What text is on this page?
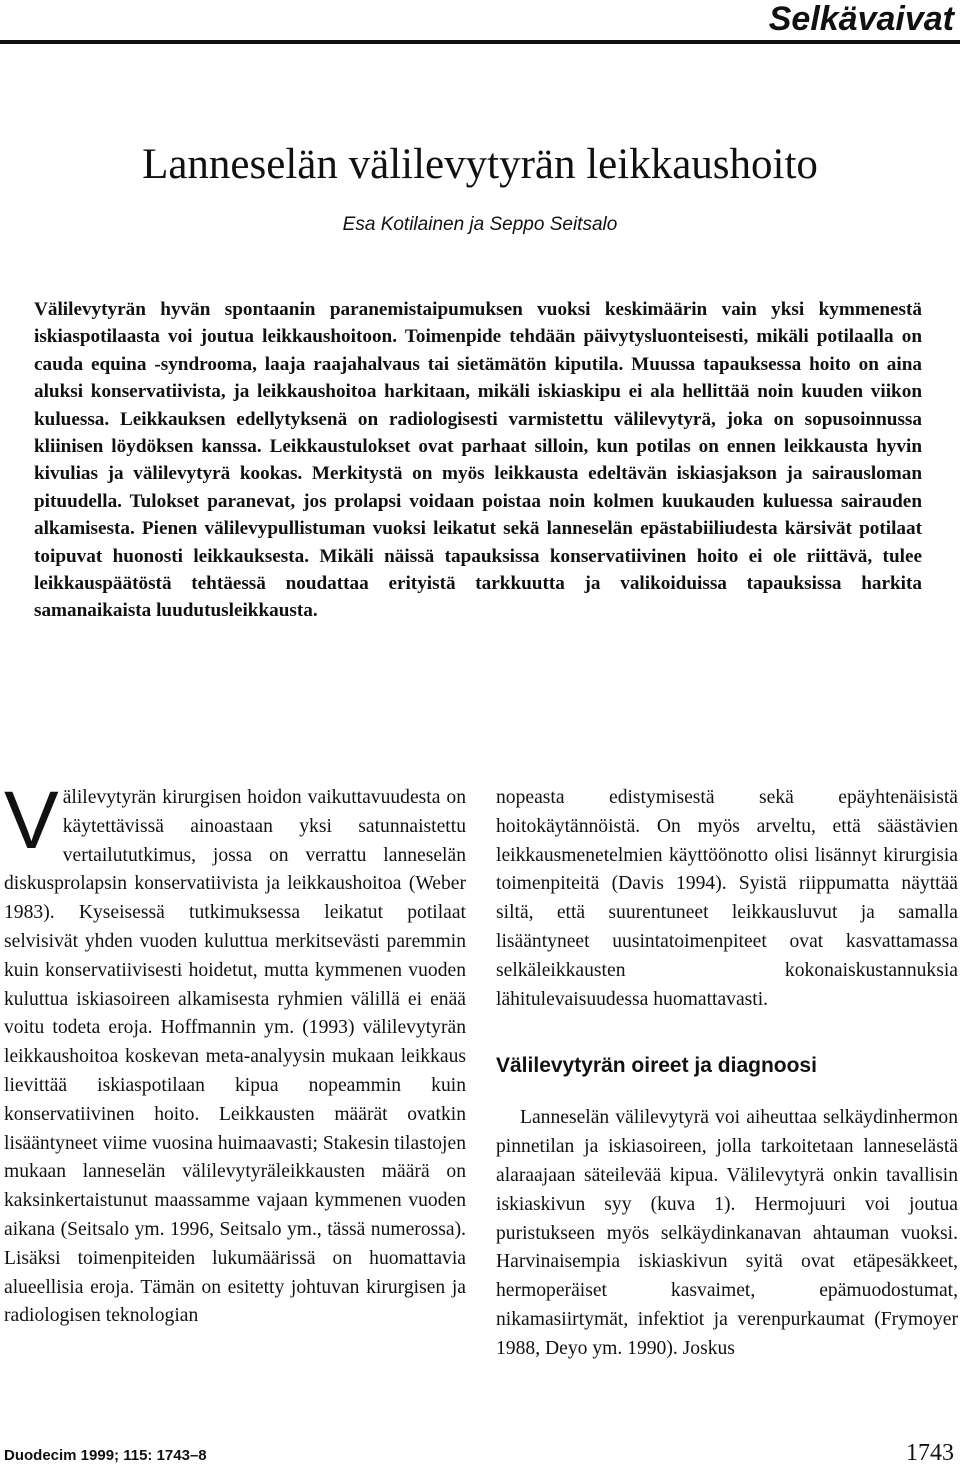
Selkävaivat
Lanneselän välilevytyrän leikkaushoito
Esa Kotilainen ja Seppo Seitsalo

Välilevytyrän hyvän spontaanin paranemistaipumuksen vuoksi keskimäärin vain yksi kymmenestä iskiaspotilaasta voi joutua leikkaushoitoon. Toimenpide tehdään päivytysluonteisesti, mikäli potilaalla on cauda equina -syndrooma, laaja raajahalvaus tai sietämätön kiputila. Muussa tapauksessa hoito on aina aluksi konservatiivista, ja leikkaushoitoa harkitaan, mikäli iskiaskipu ei ala hellittää noin kuuden viikon kuluessa. Leikkauksen edellytyksenä on radiologisesti varmistettu välilevytyrä, joka on sopusoinnussa kliinisen löydöksen kanssa. Leikkaustulokset ovat parhaat silloin, kun potilas on ennen leikkausta hyvin kivulias ja välilevytyrä kookas. Merkitystä on myös leikkausta edeltävän iskiasjakson ja sairausloman pituudella. Tulokset paranevat, jos prolapsi voidaan poistaa noin kolmen kuukauden kuluessa sairauden alkamisesta. Pienen välilevypullistuman vuoksi leikatut sekä lanneselän epästabiiliudesta kärsivät potilaat toipuvat huonosti leikkauksesta. Mikäli näissä tapauksissa konservatiivinen hoito ei ole riittävä, tulee leikkauspäätöstä tehtäessä noudattaa erityistä tarkkuutta ja valikoiduissa tapauksissa harkita samanaikaista luudutusleikkausta.

Välilevytyrän kirurgisen hoidon vaikuttavuudesta on käytettävissä ainoastaan yksi satunnaistettu vertailututkimus, jossa on verrattu lanneselän diskusprolapsin konservatiivista ja leikkaushoitoa (Weber 1983). Kyseisessä tutkimuksessa leikatut potilaat selvisivät yhden vuoden kuluttua merkitsevästi paremmin kuin konservatiivisesti hoidetut, mutta kymmenen vuoden kuluttua iskiasoireen alkamisesta ryhmien välillä ei enää voitu todeta eroja. Hoffmannin ym. (1993) välilevytyrän leikkaushoitoa koskevan meta-analyysin mukaan leikkaus lievittää iskiaspotilaan kipua nopeammin kuin konservatiivinen hoito. Leikkausten määrät ovatkin lisääntyneet viime vuosina huimaavasti; Stakesin tilastojen mukaan lanneselän välilevytyräleikkausten määrä on kaksinkertaistunut maassamme vajaan kymmenen vuoden aikana (Seitsalo ym. 1996, Seitsalo ym., tässä numerossa). Lisäksi toimenpiteiden lukumäärissä on huomattavia alueellisia eroja. Tämän on esitetty johtuvan kirurgisen ja radiologisen teknologian

nopeasta edistymisestä sekä epäyhtenäisistä hoitokäytännöistä. On myös arveltu, että säästävien leikkausmenetelmien käyttöönotto olisi lisännyt kirurgisia toimenpiteitä (Davis 1994). Syistä riippumatta näyttää siltä, että suurentuneet leikkausluvut ja samalla lisääntyneet uusintatoimenpiteet ovat kasvattamassa selkäleikkausten kokonaiskustannuksia lähitulevaisuudessa huomattavasti.

Välilevytyrän oireet ja diagnoosi

Lanneselän välilevytyrä voi aiheuttaa selkäydinhermon pinnetilan ja iskiasoireen, jolla tarkoitetaan lanneselästä alaraajaan säteilevää kipua. Välilevytyrä onkin tavallisin iskiaskivun syy (kuva 1). Hermojuuri voi joutua puristukseen myös selkäydinkanavan ahtauman vuoksi. Harvinaisempia iskiaskivun syitä ovat etäpesäkkeet, hermoperäiset kasvaimet, epämuodostumat, nikamasiirtymät, infektiot ja verenpurkaumat (Frymoyer 1988, Deyo ym. 1990). Joskus

Duodecim 1999; 115: 1743–8	1743
